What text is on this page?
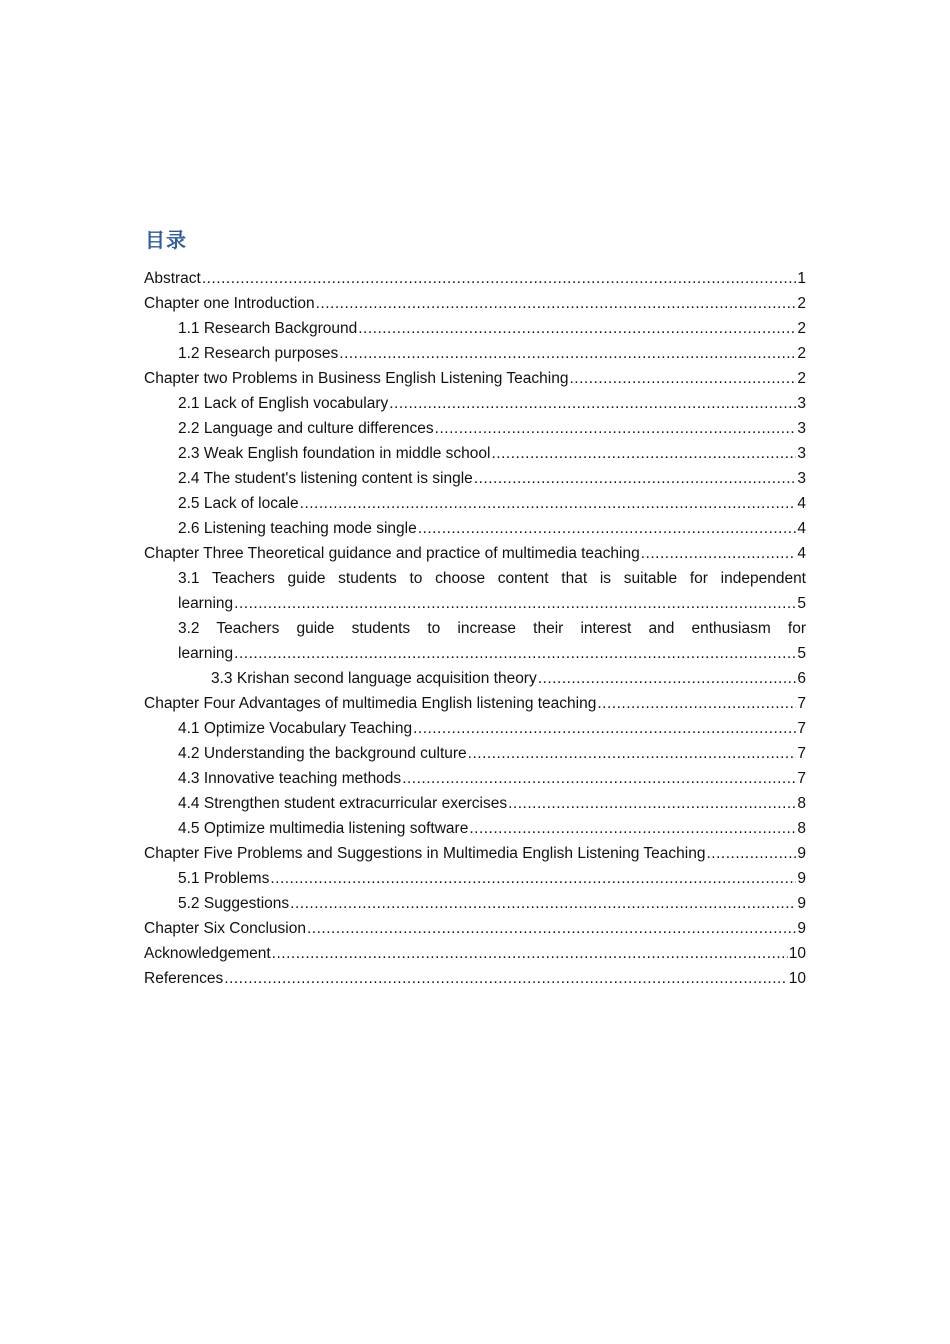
目录
Abstract .....	1
Chapter one Introduction .....	2
1.1 Research Background .....	2
1.2 Research purposes .....	2
Chapter two Problems in Business English Listening Teaching .....	2
2.1 Lack of English vocabulary .....	3
2.2 Language and culture differences .....	3
2.3 Weak English foundation in middle school .....	3
2.4 The student's listening content is single .....	3
2.5 Lack of locale .....	4
2.6 Listening teaching mode single .....	4
Chapter Three Theoretical guidance and practice of multimedia teaching .....	4
3.1 Teachers guide students to choose content that is suitable for independent
learning .....	5
3.2 Teachers guide students to increase their interest and enthusiasm for
learning .....	5
3.3 Krishan second language acquisition theory .....	6
Chapter Four Advantages of multimedia English listening teaching .....	7
4.1 Optimize Vocabulary Teaching .....	7
4.2 Understanding the background culture .....	7
4.3 Innovative teaching methods .....	7
4.4 Strengthen student extracurricular exercises .....	8
4.5 Optimize multimedia listening software .....	8
Chapter Five Problems and Suggestions in Multimedia English Listening Teaching .....	9
5.1 Problems .....	9
5.2 Suggestions .....	9
Chapter Six Conclusion .....	9
Acknowledgement .....	10
References .....	10
